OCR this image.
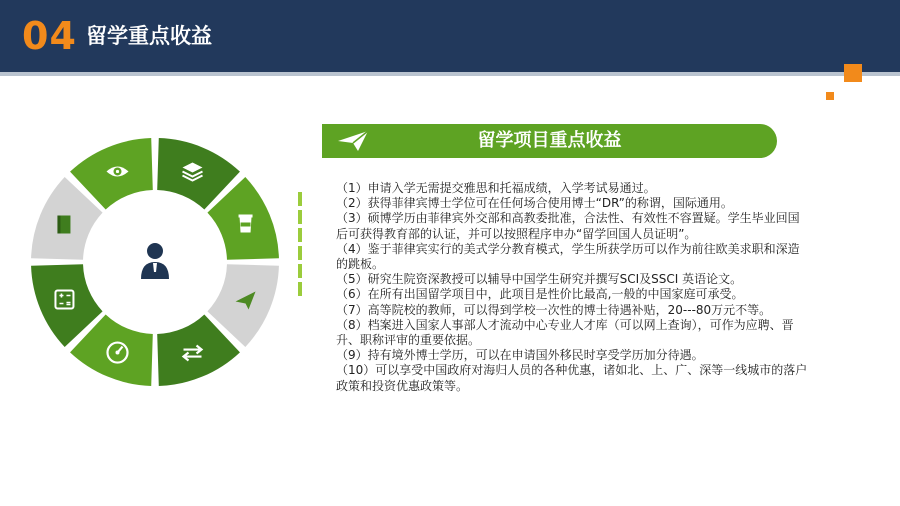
04 留学重点收益
留学项目重点收益
（1）申请入学无需提交雅思和托福成绩，入学考试易通过。
（2）获得菲律宾博士学位可在任何场合使用博士“DR”的称谓，国际通用。
（3）硕博学历由菲律宾外交部和高教委批准，合法性、有效性不容置疑。学生毕业回国
后可获得教育部的认证，并可以按照程序申办“留学回国人员证明”。
（4）鉴于菲律宾实行的美式学分教育模式，学生所获学历可以作为前往欧美求职和深造
的跳板。
（5）研究生院资深教授可以辅导中国学生研究并撰写SCI及SSCI 英语论文。
（6）在所有出国留学项目中，此项目是性价比最高,一般的中国家庭可承受。
（7）高等院校的教师，可以得到学校一次性的博士待遇补贴，20---80万元不等。
（8）档案进入国家人事部人才流动中心专业人才库（可以网上查询），可作为应聘、晋
升、职称评审的重要依据。
（9）持有境外博士学历，可以在申请国外移民时享受学历加分待遇。
（10）可以享受中国政府对海归人员的各种优惠，诸如北、上、广、深等一线城市的落户
政策和投资优惠政策等。
